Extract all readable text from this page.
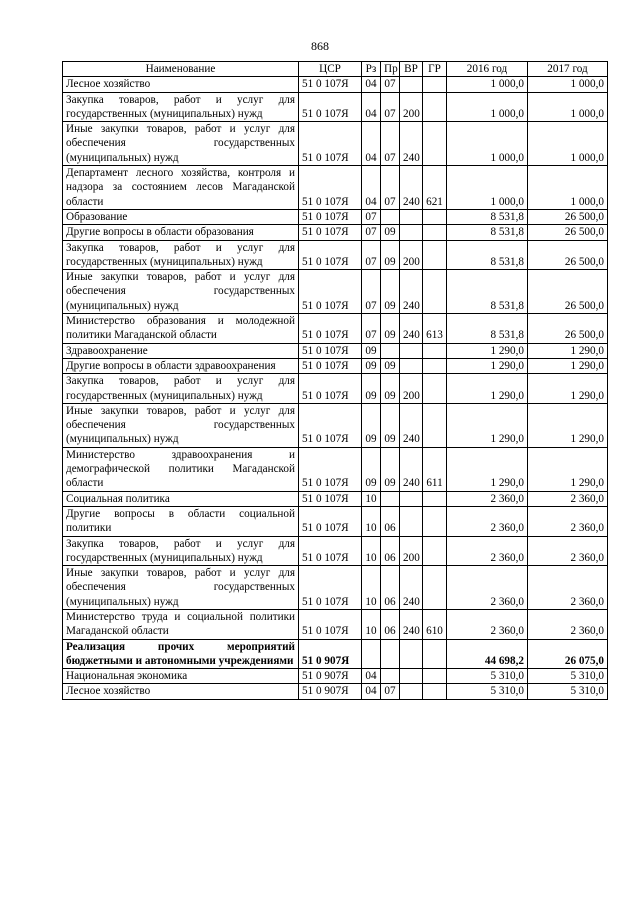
868
Наименование	ЦСР	Рз	Пр	ВР	ГР	2016 год	2017 год
Лесное хозяйство	51 0 107Я	04	07			1 000,0	1 000,0
Закупка товаров, работ и услуг для государственных (муниципальных) нужд	51 0 107Я	04	07	200		1 000,0	1 000,0
Иные закупки товаров, работ и услуг для обеспечения государственных (муниципальных) нужд	51 0 107Я	04	07	240		1 000,0	1 000,0
Департамент лесного хозяйства, контроля и надзора за состоянием лесов Магаданской области	51 0 107Я	04	07	240	621	1 000,0	1 000,0
Образование	51 0 107Я	07				8 531,8	26 500,0
Другие вопросы в области образования	51 0 107Я	07	09			8 531,8	26 500,0
Закупка товаров, работ и услуг для государственных (муниципальных) нужд	51 0 107Я	07	09	200		8 531,8	26 500,0
Иные закупки товаров, работ и услуг для обеспечения государственных (муниципальных) нужд	51 0 107Я	07	09	240		8 531,8	26 500,0
Министерство образования и молодежной политики Магаданской области	51 0 107Я	07	09	240	613	8 531,8	26 500,0
Здравоохранение	51 0 107Я	09				1 290,0	1 290,0
Другие вопросы в области здравоохранения	51 0 107Я	09	09			1 290,0	1 290,0
Закупка товаров, работ и услуг для государственных (муниципальных) нужд	51 0 107Я	09	09	200		1 290,0	1 290,0
Иные закупки товаров, работ и услуг для обеспечения государственных (муниципальных) нужд	51 0 107Я	09	09	240		1 290,0	1 290,0
Министерство здравоохранения и демографической политики Магаданской области	51 0 107Я	09	09	240	611	1 290,0	1 290,0
Социальная политика	51 0 107Я	10				2 360,0	2 360,0
Другие вопросы в области социальной политики	51 0 107Я	10	06			2 360,0	2 360,0
Закупка товаров, работ и услуг для государственных (муниципальных) нужд	51 0 107Я	10	06	200		2 360,0	2 360,0
Иные закупки товаров, работ и услуг для обеспечения государственных (муниципальных) нужд	51 0 107Я	10	06	240		2 360,0	2 360,0
Министерство труда и социальной политики Магаданской области	51 0 107Я	10	06	240	610	2 360,0	2 360,0
Реализация прочих мероприятий бюджетными и автономными учреждениями	51 0 907Я					44 698,2	26 075,0
Национальная экономика	51 0 907Я	04				5 310,0	5 310,0
Лесное хозяйство	51 0 907Я	04	07			5 310,0	5 310,0
